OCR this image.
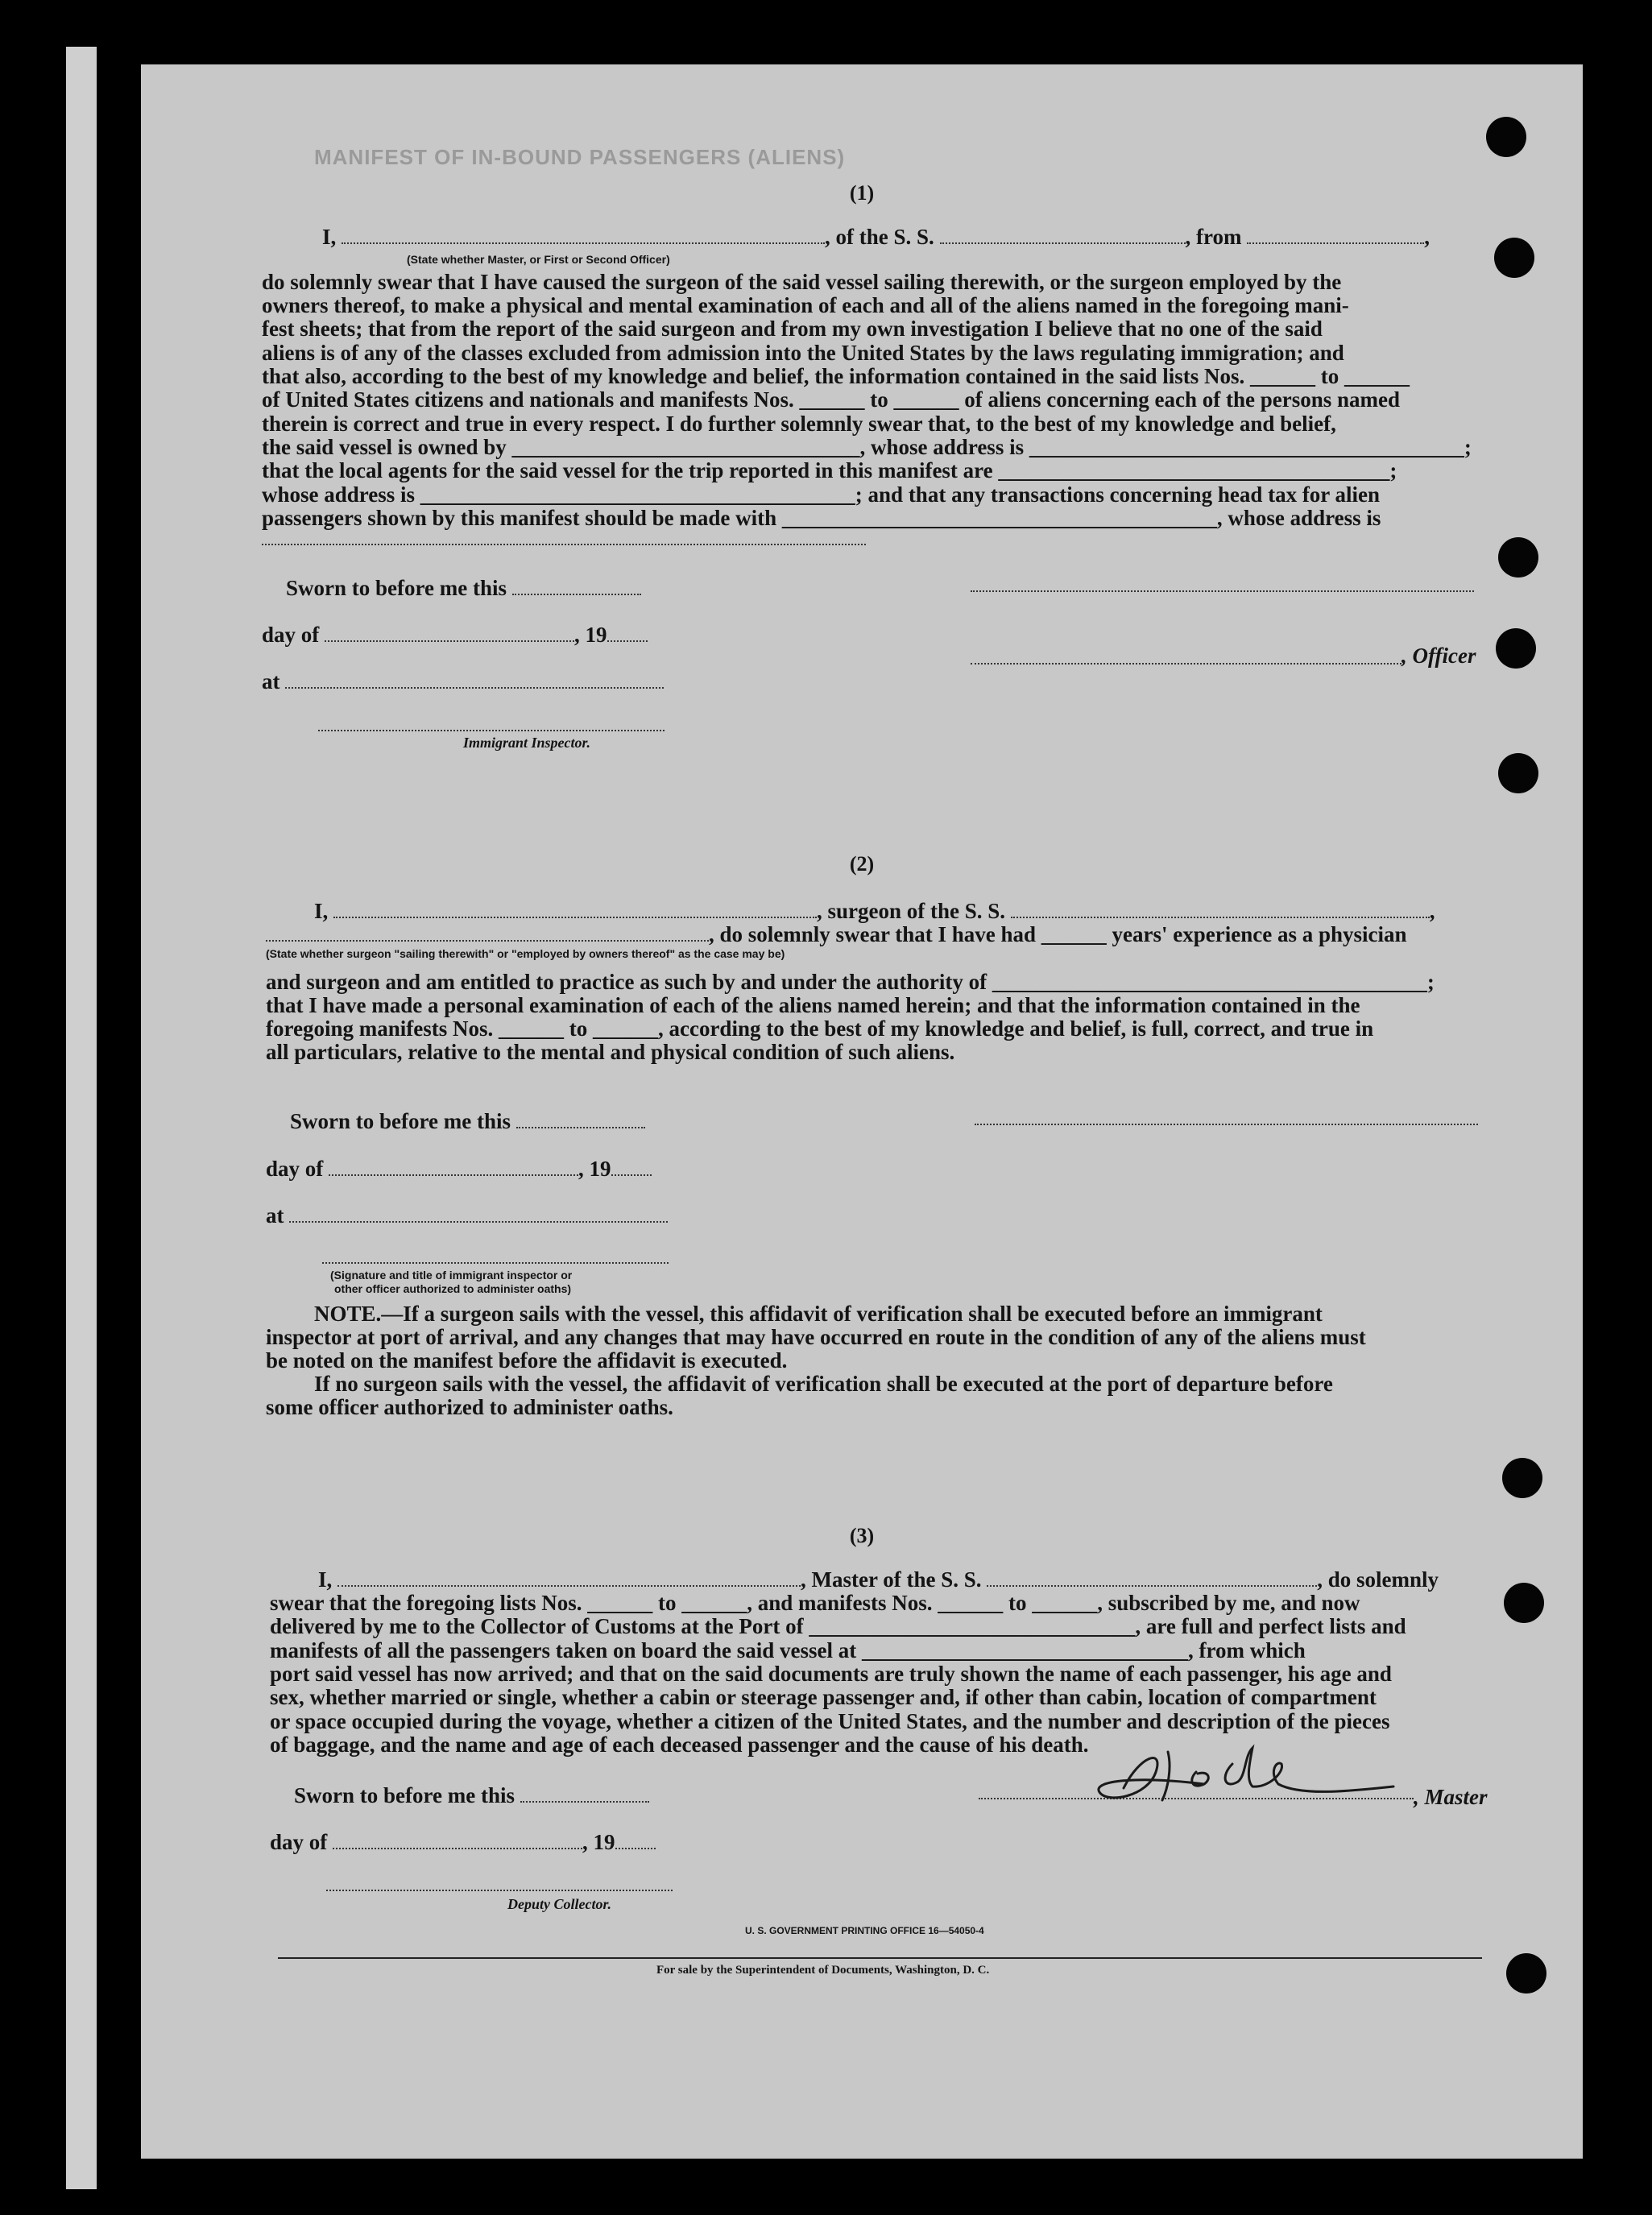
MANIFEST OF IN-BOUND PASSENGERS (ALIENS)
(1)
I,	, of the S. S.	, from	,
(State whether Master, or First or Second Officer)
do solemnly swear that I have caused the surgeon of the said vessel sailing therewith, or the surgeon employed by the
owners thereof, to make a physical and mental examination of each and all of the aliens named in the foregoing mani-
fest sheets; that from the report of the said surgeon and from my own investigation I believe that no one of the said
aliens is of any of the classes excluded from admission into the United States by the laws regulating immigration; and
that also, according to the best of my knowledge and belief, the information contained in the said lists Nos. ______ to ______
of United States citizens and nationals and manifests Nos. ______ to ______ of aliens concerning each of the persons named
therein is correct and true in every respect. I do further solemnly swear that, to the best of my knowledge and belief,
the said vessel is owned by ________________________________, whose address is ________________________________________;
that the local agents for the said vessel for the trip reported in this manifest are ____________________________________;
whose address is ________________________________________; and that any transactions concerning head tax for alien
passengers shown by this manifest should be made with ________________________________________, whose address is
Sworn to before me this
day of	, 19
at
Immigrant Inspector.
, Officer
(2)
I,	, surgeon of the S. S.	,
, do solemnly swear that I have had ______ years' experience as a physician
(State whether surgeon "sailing therewith" or "employed by owners thereof" as the case may be)
and surgeon and am entitled to practice as such by and under the authority of ________________________________________;
that I have made a personal examination of each of the aliens named herein; and that the information contained in the
foregoing manifests Nos. ______ to ______, according to the best of my knowledge and belief, is full, correct, and true in
all particulars, relative to the mental and physical condition of such aliens.
Sworn to before me this
day of	, 19
at
(Signature and title of immigrant inspector or
other officer authorized to administer oaths)
NOTE.—If a surgeon sails with the vessel, this affidavit of verification shall be executed before an immigrant
inspector at port of arrival, and any changes that may have occurred en route in the condition of any of the aliens must
be noted on the manifest before the affidavit is executed.
If no surgeon sails with the vessel, the affidavit of verification shall be executed at the port of departure before
some officer authorized to administer oaths.
(3)
I,	, Master of the S. S.	, do solemnly
swear that the foregoing lists Nos. ______ to ______, and manifests Nos. ______ to ______, subscribed by me, and now
delivered by me to the Collector of Customs at the Port of ______________________________, are full and perfect lists and
manifests of all the passengers taken on board the said vessel at ______________________________, from which
port said vessel has now arrived; and that on the said documents are truly shown the name of each passenger, his age and
sex, whether married or single, whether a cabin or steerage passenger and, if other than cabin, location of compartment
or space occupied during the voyage, whether a citizen of the United States, and the number and description of the pieces
of baggage, and the name and age of each deceased passenger and the cause of his death.
Sworn to before me this
day of	, 19
Deputy Collector.
, Master
U. S. GOVERNMENT PRINTING OFFICE 16—54050-4
For sale by the Superintendent of Documents, Washington, D. C.
